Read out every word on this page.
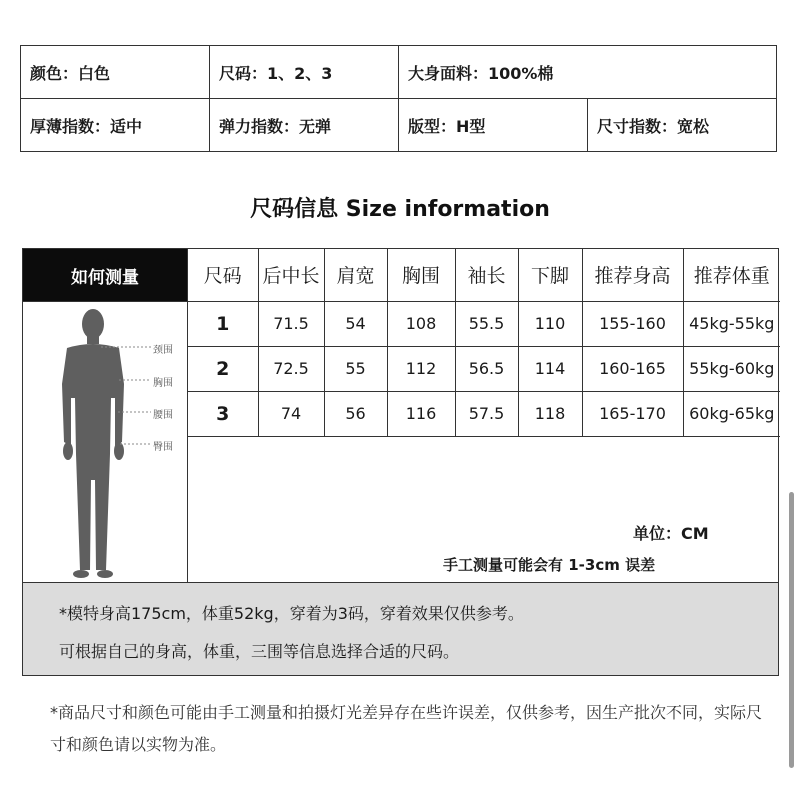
颜色：白色	尺码：1、2、3	大身面料：100%棉	
厚薄指数：适中	弹力指数：无弹	版型：H型	尺寸指数：宽松
尺码信息 Size information
如何测量
颈围
胸围
腰围
臀围
尺码	后中长	肩宽	胸围	袖长	下脚	推荐身高	推荐体重
1	71.5	54	108	55.5	110	155-160	45kg-55kg
2	72.5	55	112	56.5	114	160-165	55kg-60kg
3	74	56	116	57.5	118	165-170	60kg-65kg
单位：CM
手工测量可能会有 1-3cm 误差

*模特身高175cm，体重52kg，穿着为3码，穿着效果仅供参考。

可根据自己的身高，体重，三围等信息选择合适的尺码。

*商品尺寸和颜色可能由手工测量和拍摄灯光差异存在些许误差，仅供参考，因生产批次不同，实际尺寸和颜色请以实物为准。
